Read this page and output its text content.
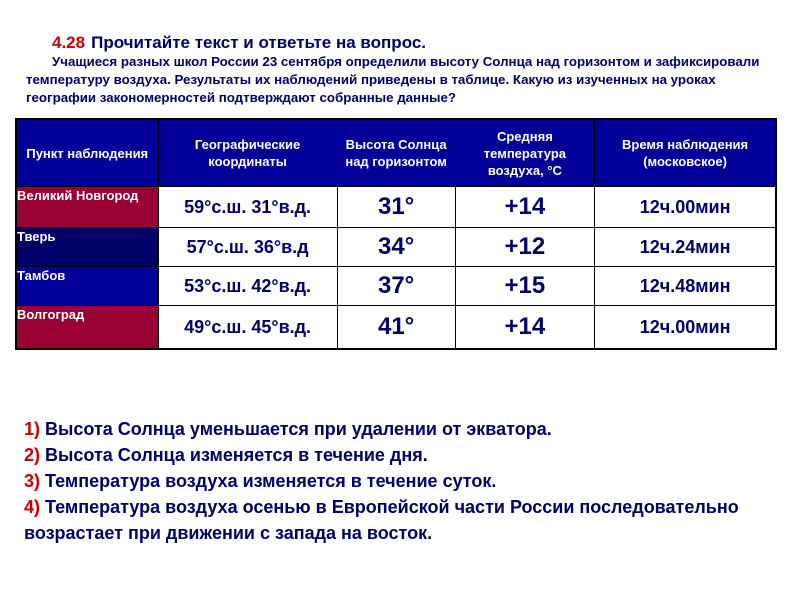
4.28 Прочитайте текст и ответьте на вопрос.
Учащиеся разных школ России 23 сентября определили высоту Солнца над горизонтом и зафиксировали температуру воздуха. Результаты их наблюдений приведены в таблице. Какую из изученных на уроках географии закономерностей подтверждают собранные данные?
Пункт наблюдения	Географические координаты	Высота Солнца над горизонтом	Средняя температура воздуха, °С	Время наблюдения (московское)
Великий Новгород	59°с.ш. 31°в.д.	31°	+14	12ч.00мин
Тверь	57°с.ш. 36°в.д	34°	+12	12ч.24мин
Тамбов	53°с.ш. 42°в.д.	37°	+15	12ч.48мин
Волгоград	49°с.ш. 45°в.д.	41°	+14	12ч.00мин

1) Высота Солнца уменьшается при удалении от экватора.

2) Высота Солнца изменяется в течение дня.

3) Температура воздуха изменяется в течение суток.

4) Температура воздуха осенью в Европейской части России последовательно возрастает при движении с запада на восток.
